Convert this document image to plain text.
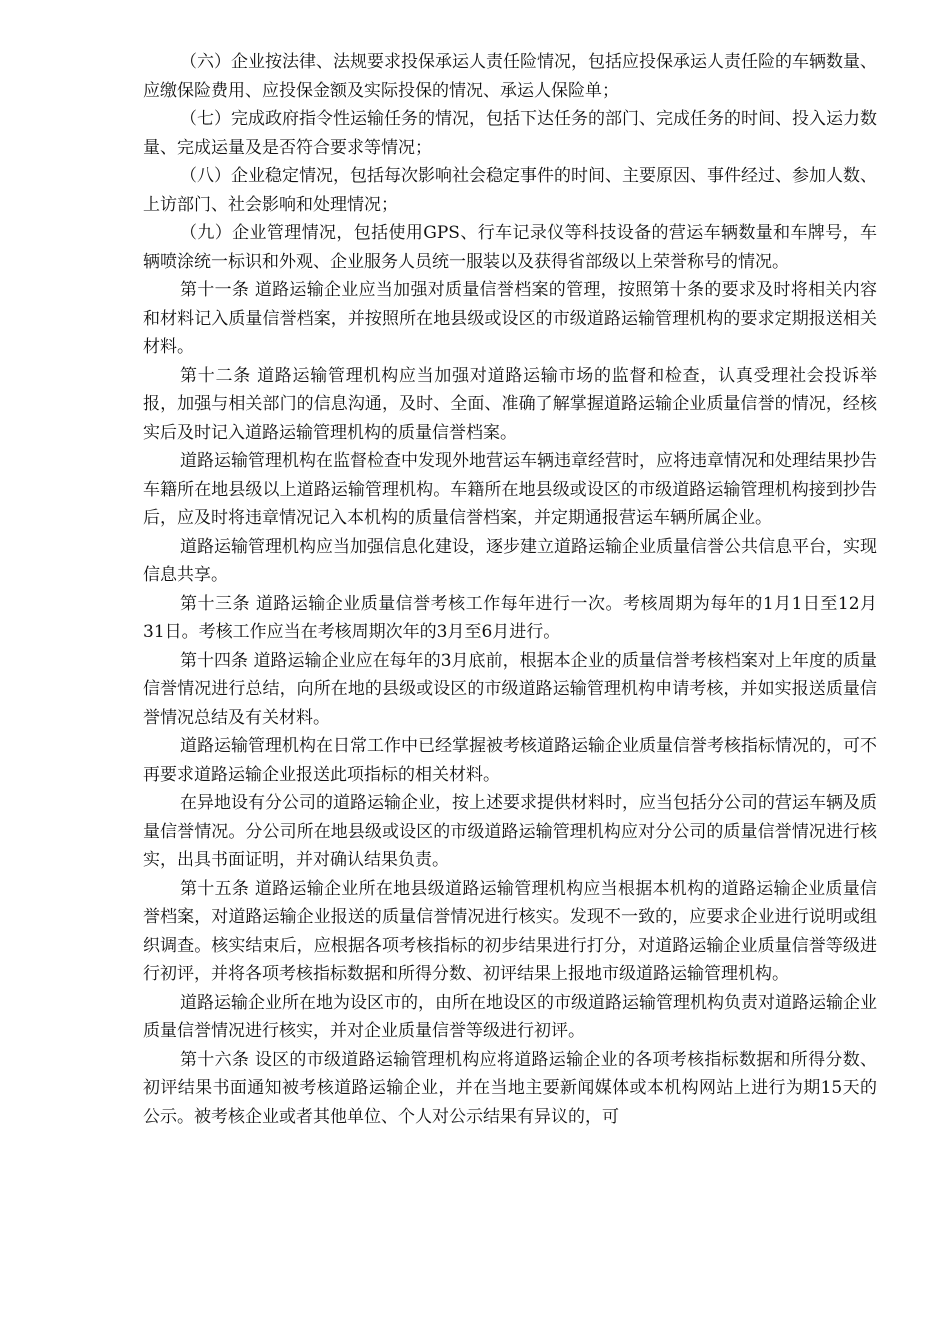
（六）企业按法律、法规要求投保承运人责任险情况，包括应投保承运人责任险的车辆数量、应缴保险费用、应投保金额及实际投保的情况、承运人保险单；

（七）完成政府指令性运输任务的情况，包括下达任务的部门、完成任务的时间、投入运力数量、完成运量及是否符合要求等情况；

（八）企业稳定情况，包括每次影响社会稳定事件的时间、主要原因、事件经过、参加人数、上访部门、社会影响和处理情况；

（九）企业管理情况，包括使用GPS、行车记录仪等科技设备的营运车辆数量和车牌号，车辆喷涂统一标识和外观、企业服务人员统一服装以及获得省部级以上荣誉称号的情况。

第十一条 道路运输企业应当加强对质量信誉档案的管理，按照第十条的要求及时将相关内容和材料记入质量信誉档案，并按照所在地县级或设区的市级道路运输管理机构的要求定期报送相关材料。

第十二条 道路运输管理机构应当加强对道路运输市场的监督和检查，认真受理社会投诉举报，加强与相关部门的信息沟通，及时、全面、准确了解掌握道路运输企业质量信誉的情况，经核实后及时记入道路运输管理机构的质量信誉档案。

道路运输管理机构在监督检查中发现外地营运车辆违章经营时，应将违章情况和处理结果抄告车籍所在地县级以上道路运输管理机构。车籍所在地县级或设区的市级道路运输管理机构接到抄告后，应及时将违章情况记入本机构的质量信誉档案，并定期通报营运车辆所属企业。

道路运输管理机构应当加强信息化建设，逐步建立道路运输企业质量信誉公共信息平台，实现信息共享。

第十三条 道路运输企业质量信誉考核工作每年进行一次。考核周期为每年的1月1日至12月31日。考核工作应当在考核周期次年的3月至6月进行。

第十四条 道路运输企业应在每年的3月底前，根据本企业的质量信誉考核档案对上年度的质量信誉情况进行总结，向所在地的县级或设区的市级道路运输管理机构申请考核，并如实报送质量信誉情况总结及有关材料。

道路运输管理机构在日常工作中已经掌握被考核道路运输企业质量信誉考核指标情况的，可不再要求道路运输企业报送此项指标的相关材料。

在异地设有分公司的道路运输企业，按上述要求提供材料时，应当包括分公司的营运车辆及质量信誉情况。分公司所在地县级或设区的市级道路运输管理机构应对分公司的质量信誉情况进行核实，出具书面证明，并对确认结果负责。

第十五条 道路运输企业所在地县级道路运输管理机构应当根据本机构的道路运输企业质量信誉档案，对道路运输企业报送的质量信誉情况进行核实。发现不一致的，应要求企业进行说明或组织调查。核实结束后，应根据各项考核指标的初步结果进行打分，对道路运输企业质量信誉等级进行初评，并将各项考核指标数据和所得分数、初评结果上报地市级道路运输管理机构。

道路运输企业所在地为设区市的，由所在地设区的市级道路运输管理机构负责对道路运输企业质量信誉情况进行核实，并对企业质量信誉等级进行初评。

第十六条 设区的市级道路运输管理机构应将道路运输企业的各项考核指标数据和所得分数、初评结果书面通知被考核道路运输企业，并在当地主要新闻媒体或本机构网站上进行为期15天的公示。被考核企业或者其他单位、个人对公示结果有异议的，可
